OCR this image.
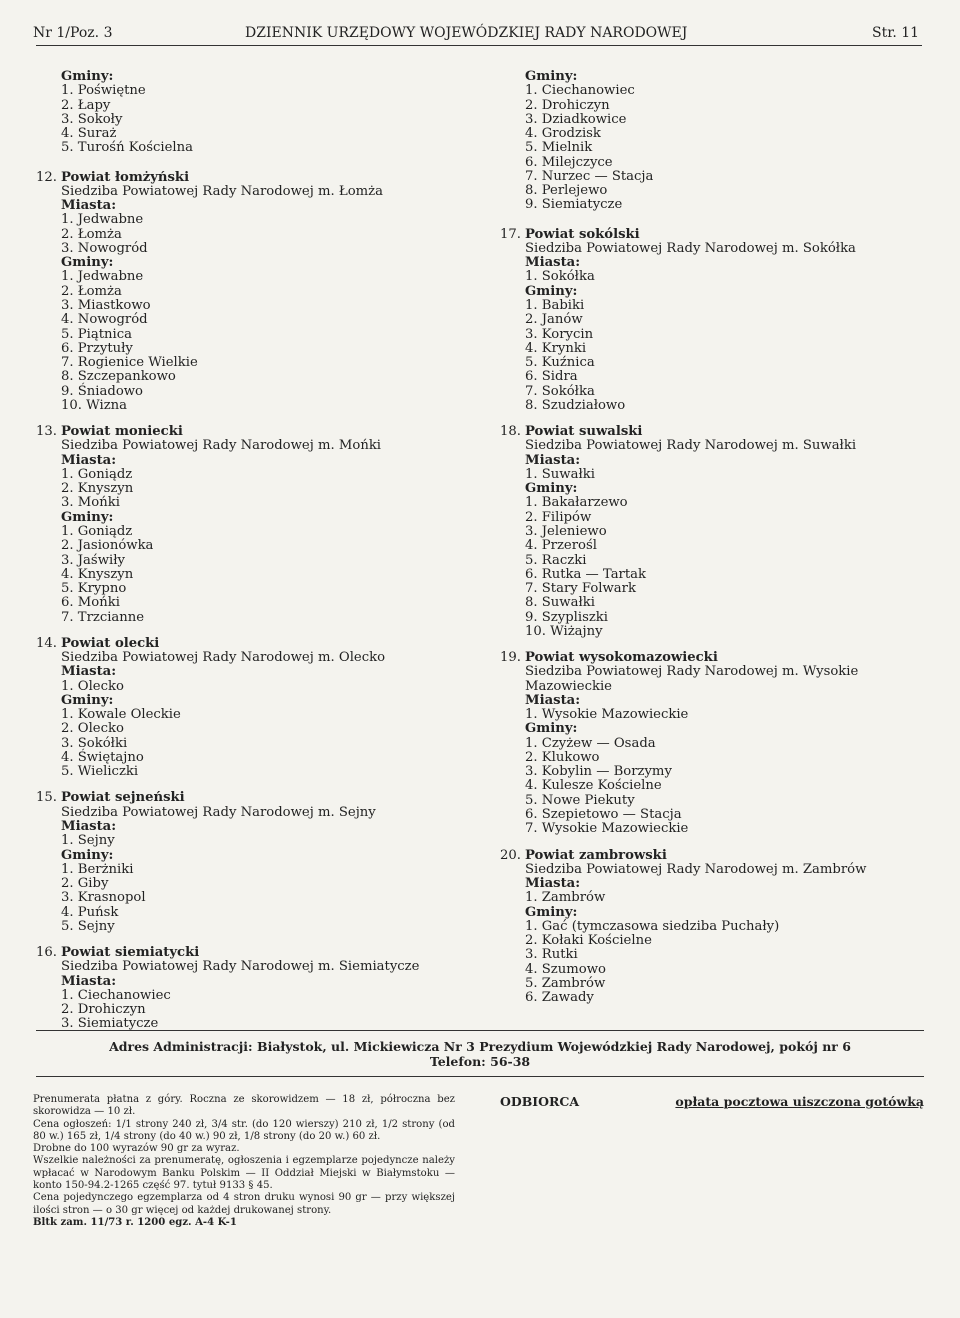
Nr 1/Poz. 3	DZIENNIK URZĘDOWY WOJEWÓDZKIEJ RADY NARODOWEJ	Str. 11
Gminy:
1. Poświętne
2. Łapy
3. Sokoły
4. Suraż
5. Turośń Kościelna
12. Powiat łomżyński
Siedziba Powiatowej Rady Narodowej m. Łomża
Miasta:
1. Jedwabne
2. Łomża
3. Nowogród
Gminy:
1. Jedwabne
2. Łomża
3. Miastkowo
4. Nowogród
5. Piątnica
6. Przytuły
7. Rogienice Wielkie
8. Szczepankowo
9. Śniadowo
10. Wizna
13. Powiat moniecki
Siedziba Powiatowej Rady Narodowej m. Mońki
Miasta:
1. Goniądz
2. Knyszyn
3. Mońki
Gminy:
1. Goniądz
2. Jasionówka
3. Jaświły
4. Knyszyn
5. Krypno
6. Mońki
7. Trzcianne
14. Powiat olecki
Siedziba Powiatowej Rady Narodowej m. Olecko
Miasta:
1. Olecko
Gminy:
1. Kowale Oleckie
2. Olecko
3. Sokółki
4. Świętajno
5. Wieliczki
15. Powiat sejneński
Siedziba Powiatowej Rady Narodowej m. Sejny
Miasta:
1. Sejny
Gminy:
1. Berżniki
2. Giby
3. Krasnopol
4. Puńsk
5. Sejny
16. Powiat siemiatycki
Siedziba Powiatowej Rady Narodowej m. Siemiatycze
Miasta:
1. Ciechanowiec
2. Drohiczyn
3. Siemiatycze
Gminy:
1. Ciechanowiec
2. Drohiczyn
3. Dziadkowice
4. Grodzisk
5. Mielnik
6. Milejczyce
7. Nurzec — Stacja
8. Perlejewo
9. Siemiatycze
17. Powiat sokólski
Siedziba Powiatowej Rady Narodowej m. Sokółka
Miasta:
1. Sokółka
Gminy:
1. Babiki
2. Janów
3. Korycin
4. Krynki
5. Kuźnica
6. Sidra
7. Sokółka
8. Szudziałowo
18. Powiat suwalski
Siedziba Powiatowej Rady Narodowej m. Suwałki
Miasta:
1. Suwałki
Gminy:
1. Bakałarzewo
2. Filipów
3. Jeleniewo
4. Przerośl
5. Raczki
6. Rutka — Tartak
7. Stary Folwark
8. Suwałki
9. Szypliszki
10. Wiżajny
19. Powiat wysokomazowiecki
Siedziba Powiatowej Rady Narodowej m. Wysokie Mazowieckie
Miasta:
1. Wysokie Mazowieckie
Gminy:
1. Czyżew — Osada
2. Klukowo
3. Kobylin — Borzymy
4. Kulesze Kościelne
5. Nowe Piekuty
6. Szepietowo — Stacja
7. Wysokie Mazowieckie
20. Powiat zambrowski
Siedziba Powiatowej Rady Narodowej m. Zambrów
Miasta:
1. Zambrów
Gminy:
1. Gać (tymczasowa siedziba Puchały)
2. Kołaki Kościelne
3. Rutki
4. Szumowo
5. Zambrów
6. Zawady
Adres Administracji: Białystok, ul. Mickiewicza Nr 3 Prezydium Wojewódzkiej Rady Narodowej, pokój nr 6
Telefon: 56-38
Prenumerata płatna z góry. Roczna ze skorowidzem — 18 zł, półroczna bez skorowidza — 10 zł.
Cena ogłoszeń: 1/1 strony 240 zł, 3/4 str. (do 120 wierszy) 210 zł, 1/2 strony (od 80 w.) 165 zł, 1/4 strony (do 40 w.) 90 zł, 1/8 strony (do 20 w.) 60 zł.
Drobne do 100 wyrazów 90 gr za wyraz.
Wszelkie należności za prenumeratę, ogłoszenia i egzemplarze pojedyncze należy wpłacać w Narodowym Banku Polskim — II Oddział Miejski w Białymstoku — konto 150-94.2-1265 część 97. tytuł 9133 § 45.
Cena pojedynczego egzemplarza od 4 stron druku wynosi 90 gr — przy większej ilości stron — o 30 gr więcej od każdej drukowanej strony.
Bltk zam. 11/73 r. 1200 egz. A-4 K-1
ODBIORCA	opłata pocztowa uiszczona gotówką
